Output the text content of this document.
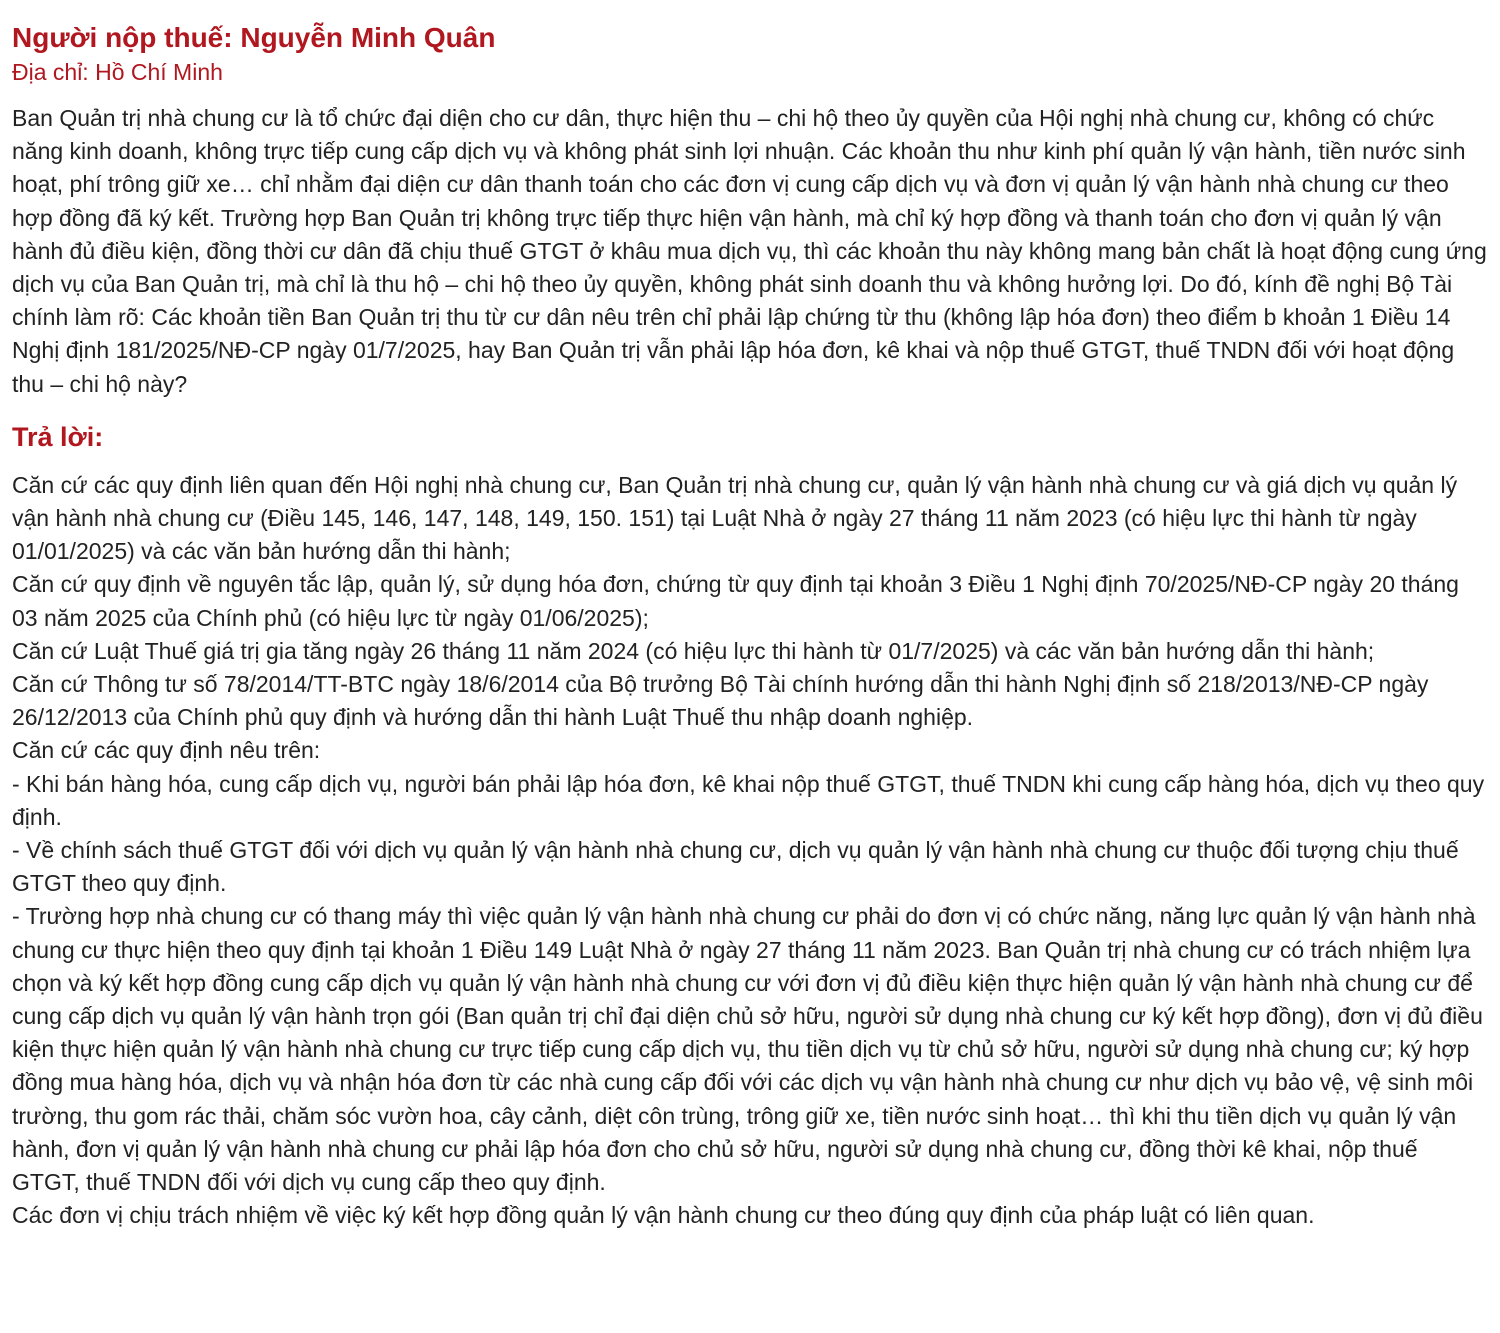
Người nộp thuế: Nguyễn Minh Quân

Địa chỉ: Hồ Chí Minh

Ban Quản trị nhà chung cư là tổ chức đại diện cho cư dân, thực hiện thu – chi hộ theo ủy quyền của Hội nghị nhà chung cư, không có chức năng kinh doanh, không trực tiếp cung cấp dịch vụ và không phát sinh lợi nhuận. Các khoản thu như kinh phí quản lý vận hành, tiền nước sinh hoạt, phí trông giữ xe… chỉ nhằm đại diện cư dân thanh toán cho các đơn vị cung cấp dịch vụ và đơn vị quản lý vận hành nhà chung cư theo hợp đồng đã ký kết. Trường hợp Ban Quản trị không trực tiếp thực hiện vận hành, mà chỉ ký hợp đồng và thanh toán cho đơn vị quản lý vận hành đủ điều kiện, đồng thời cư dân đã chịu thuế GTGT ở khâu mua dịch vụ, thì các khoản thu này không mang bản chất là hoạt động cung ứng dịch vụ của Ban Quản trị, mà chỉ là thu hộ – chi hộ theo ủy quyền, không phát sinh doanh thu và không hưởng lợi. Do đó, kính đề nghị Bộ Tài chính làm rõ: Các khoản tiền Ban Quản trị thu từ cư dân nêu trên chỉ phải lập chứng từ thu (không lập hóa đơn) theo điểm b khoản 1 Điều 14 Nghị định 181/2025/NĐ-CP ngày 01/7/2025, hay Ban Quản trị vẫn phải lập hóa đơn, kê khai và nộp thuế GTGT, thuế TNDN đối với hoạt động thu – chi hộ này?

Trả lời:

Căn cứ các quy định liên quan đến Hội nghị nhà chung cư, Ban Quản trị nhà chung cư, quản lý vận hành nhà chung cư và giá dịch vụ quản lý vận hành nhà chung cư (Điều 145, 146, 147, 148, 149, 150. 151) tại Luật Nhà ở ngày 27 tháng 11 năm 2023 (có hiệu lực thi hành từ ngày 01/01/2025) và các văn bản hướng dẫn thi hành;

Căn cứ quy định về nguyên tắc lập, quản lý, sử dụng hóa đơn, chứng từ quy định tại khoản 3 Điều 1 Nghị định 70/2025/NĐ-CP ngày 20 tháng 03 năm 2025 của Chính phủ (có hiệu lực từ ngày 01/06/2025);

Căn cứ Luật Thuế giá trị gia tăng ngày 26 tháng 11 năm 2024 (có hiệu lực thi hành từ 01/7/2025) và các văn bản hướng dẫn thi hành;

Căn cứ Thông tư số 78/2014/TT-BTC ngày 18/6/2014 của Bộ trưởng Bộ Tài chính hướng dẫn thi hành Nghị định số 218/2013/NĐ-CP ngày 26/12/2013 của Chính phủ quy định và hướng dẫn thi hành Luật Thuế thu nhập doanh nghiệp.

Căn cứ các quy định nêu trên:

- Khi bán hàng hóa, cung cấp dịch vụ, người bán phải lập hóa đơn, kê khai nộp thuế GTGT, thuế TNDN khi cung cấp hàng hóa, dịch vụ theo quy định.

- Về chính sách thuế GTGT đối với dịch vụ quản lý vận hành nhà chung cư, dịch vụ quản lý vận hành nhà chung cư thuộc đối tượng chịu thuế GTGT theo quy định.

- Trường hợp nhà chung cư có thang máy thì việc quản lý vận hành nhà chung cư phải do đơn vị có chức năng, năng lực quản lý vận hành nhà chung cư thực hiện theo quy định tại khoản 1 Điều 149 Luật Nhà ở ngày 27 tháng 11 năm 2023. Ban Quản trị nhà chung cư có trách nhiệm lựa chọn và ký kết hợp đồng cung cấp dịch vụ quản lý vận hành nhà chung cư với đơn vị đủ điều kiện thực hiện quản lý vận hành nhà chung cư để cung cấp dịch vụ quản lý vận hành trọn gói (Ban quản trị chỉ đại diện chủ sở hữu, người sử dụng nhà chung cư ký kết hợp đồng), đơn vị đủ điều kiện thực hiện quản lý vận hành nhà chung cư trực tiếp cung cấp dịch vụ, thu tiền dịch vụ từ chủ sở hữu, người sử dụng nhà chung cư; ký hợp đồng mua hàng hóa, dịch vụ và nhận hóa đơn từ các nhà cung cấp đối với các dịch vụ vận hành nhà chung cư như dịch vụ bảo vệ, vệ sinh môi trường, thu gom rác thải, chăm sóc vườn hoa, cây cảnh, diệt côn trùng, trông giữ xe, tiền nước sinh hoạt… thì khi thu tiền dịch vụ quản lý vận hành, đơn vị quản lý vận hành nhà chung cư phải lập hóa đơn cho chủ sở hữu, người sử dụng nhà chung cư, đồng thời kê khai, nộp thuế GTGT, thuế TNDN đối với dịch vụ cung cấp theo quy định.

Các đơn vị chịu trách nhiệm về việc ký kết hợp đồng quản lý vận hành chung cư theo đúng quy định của pháp luật có liên quan.
